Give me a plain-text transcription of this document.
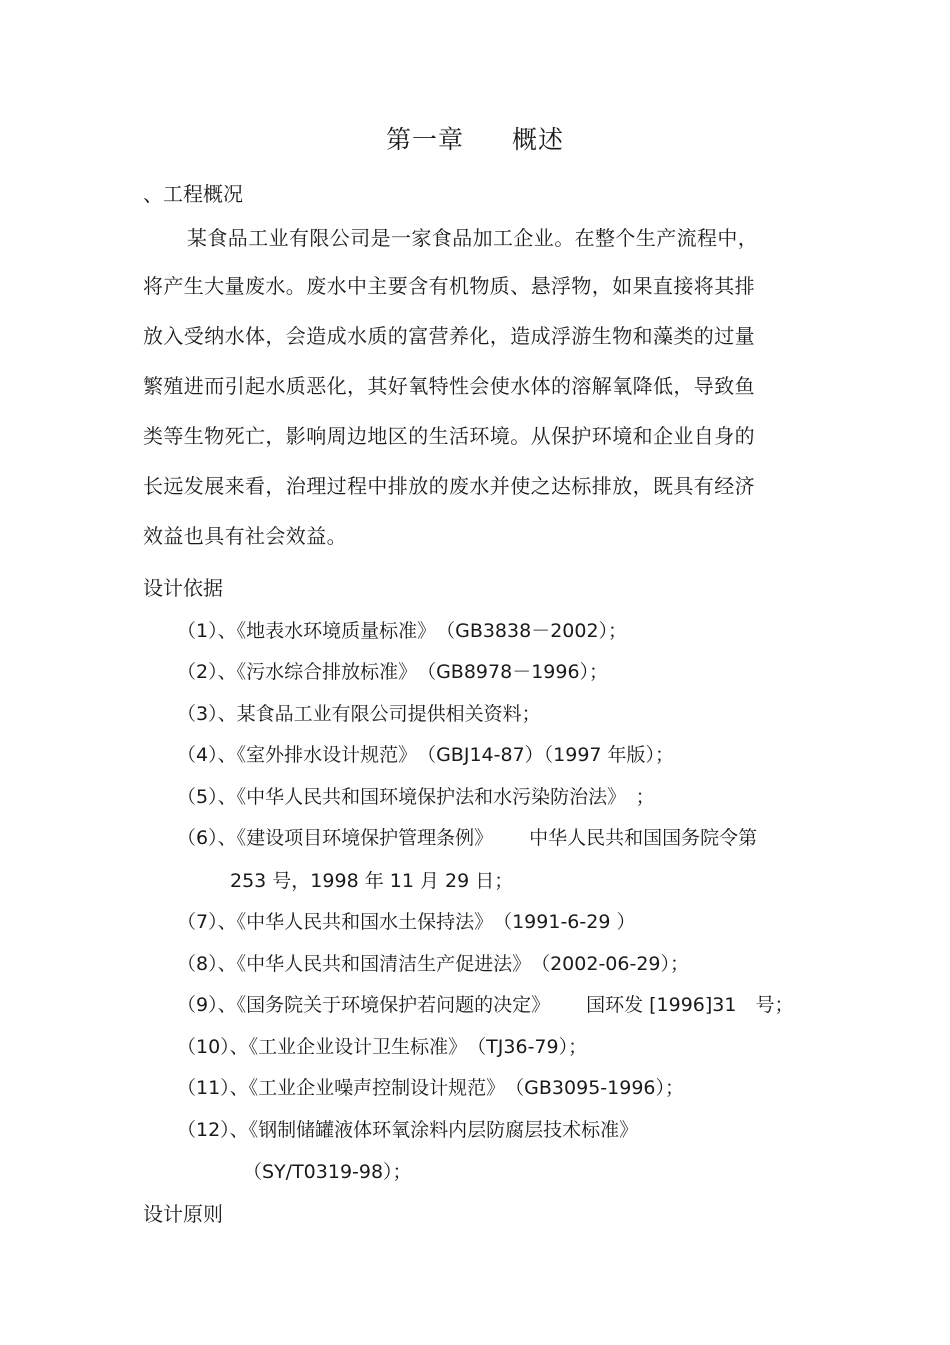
第一章 概述
、工程概况
某食品工业有限公司是一家食品加工企业。在整个生产流程中，
将产生大量废水。废水中主要含有机物质、悬浮物，如果直接将其排
放入受纳水体，会造成水质的富营养化，造成浮游生物和藻类的过量
繁殖进而引起水质恶化，其好氧特性会使水体的溶解氧降低，导致鱼
类等生物死亡，影响周边地区的生活环境。从保护环境和企业自身的
长远发展来看，治理过程中排放的废水并使之达标排放，既具有经济
效益也具有社会效益。
设计依据
（1）、《地表水环境质量标准》　（GB3838－2002）；
（2）、《污水综合排放标准》　（GB8978－1996）；
（3）、某食品工业有限公司提供相关资料；
（4）、《室外排水设计规范》　（GBJ14-87）（1997 年版）；
（5）、《中华人民共和国环境保护法和水污染防治法》　；
（6）、《建设项目环境保护管理条例》 中华人民共和国国务院令第
253 号，1998 年 11 月 29 日；
（7）、《中华人民共和国水土保持法》　（1991-6-29 ）
（8）、《中华人民共和国清洁生产促进法》　（2002-06-29）；
（9）、《国务院关于环境保护若问题的决定》 国环发 [1996]31　号；
（10）、《工业企业设计卫生标准》　（TJ36-79）；
（11）、《工业企业噪声控制设计规范》　（GB3095-1996）；
（12）、《钢制储罐液体环氧涂料内层防腐层技术标准》
（SY/T0319-98）；
设计原则
